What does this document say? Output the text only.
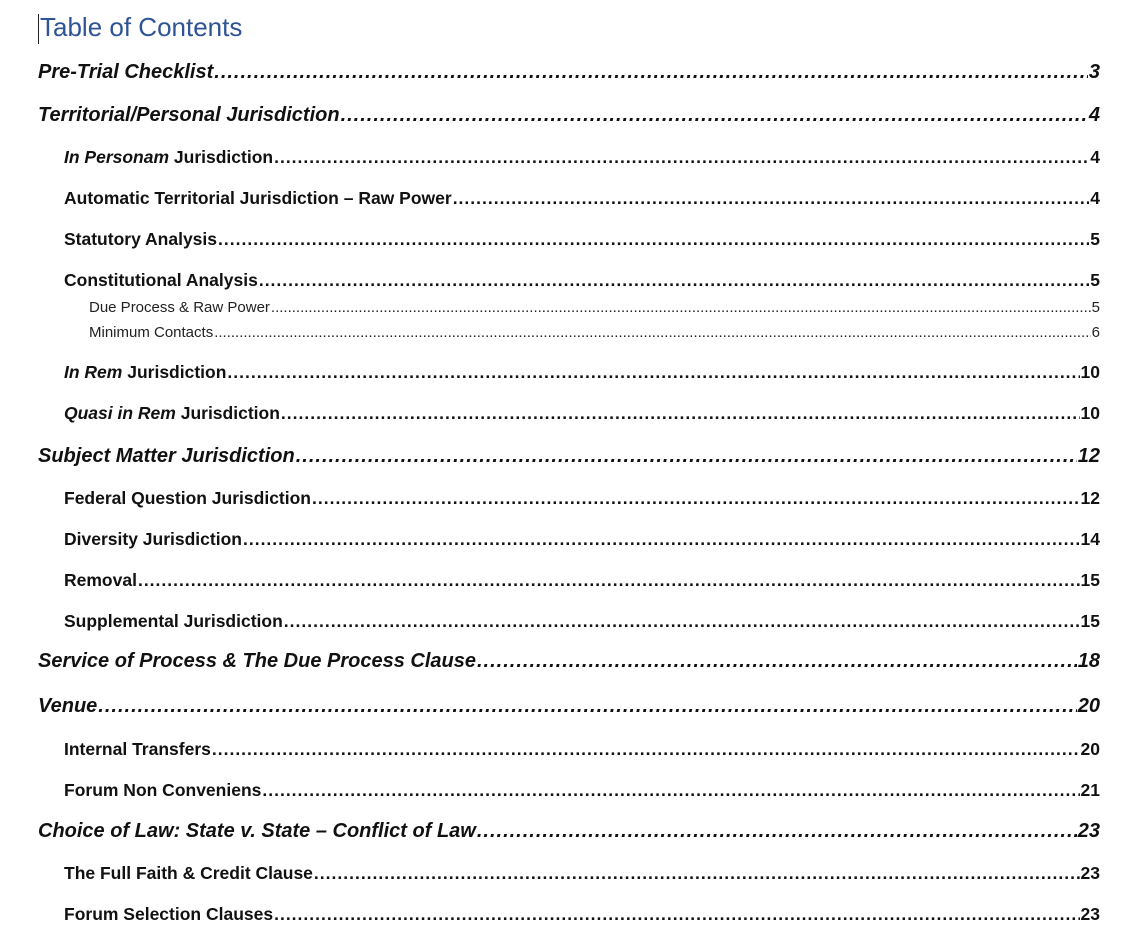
Table of Contents
Pre-Trial Checklist .....	3
Territorial/Personal Jurisdiction .....	4
In Personam Jurisdiction .....	4
Automatic Territorial Jurisdiction – Raw Power .....	4
Statutory Analysis .....	5
Constitutional Analysis .....	5
Due Process & Raw Power .....	5
Minimum Contacts .....	6
In Rem Jurisdiction .....	10
Quasi in Rem Jurisdiction .....	10
Subject Matter Jurisdiction .....	12
Federal Question Jurisdiction .....	12
Diversity Jurisdiction .....	14
Removal .....	15
Supplemental Jurisdiction .....	15
Service of Process & The Due Process Clause .....	18
Venue .....	20
Internal Transfers .....	20
Forum Non Conveniens .....	21
Choice of Law: State v. State – Conflict of Law .....	23
The Full Faith & Credit Clause .....	23
Forum Selection Clauses .....	23
